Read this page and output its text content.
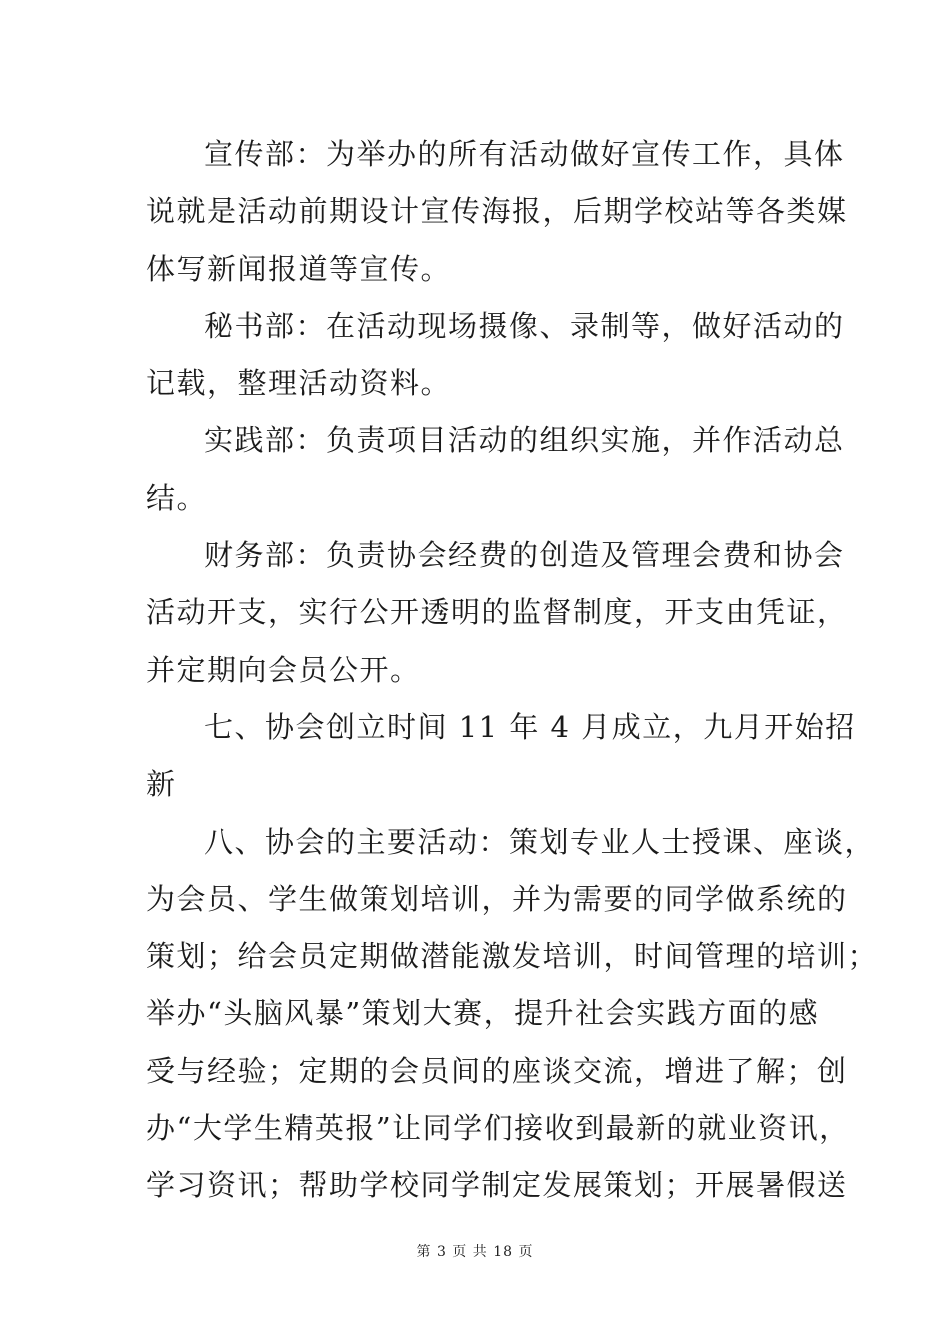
宣传部：为举办的所有活动做好宣传工作，具体
说就是活动前期设计宣传海报，后期学校站等各类媒
体写新闻报道等宣传。
秘书部：在活动现场摄像、录制等，做好活动的
记载，整理活动资料。
实践部：负责项目活动的组织实施，并作活动总
结。
财务部：负责协会经费的创造及管理会费和协会
活动开支，实行公开透明的监督制度，开支由凭证，
并定期向会员公开。
七、协会创立时间 11 年 4 月成立，九月开始招
新
八、协会的主要活动：策划专业人士授课、座谈，
为会员、学生做策划培训，并为需要的同学做系统的
策划；给会员定期做潜能激发培训，时间管理的培训；
举办“头脑风暴”策划大赛，提升社会实践方面的感
受与经验；定期的会员间的座谈交流，增进了解；创
办“大学生精英报”让同学们接收到最新的就业资讯，
学习资讯；帮助学校同学制定发展策划；开展暑假送
第 3 页 共 18 页
